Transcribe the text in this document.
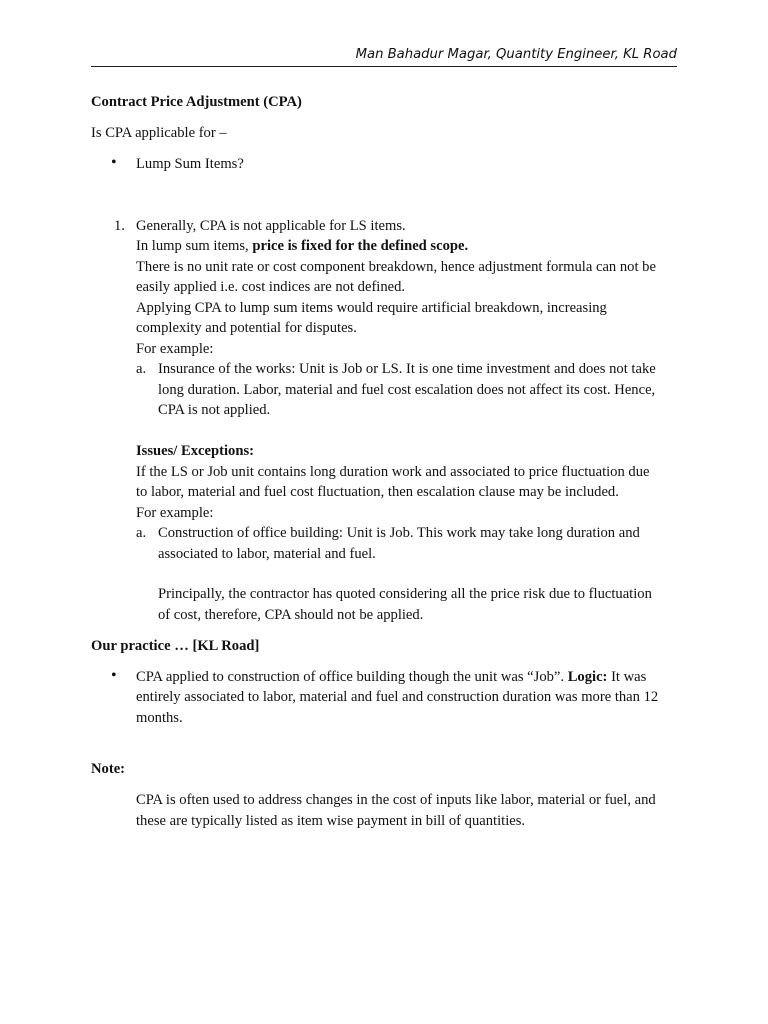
Man Bahadur Magar, Quantity Engineer, KL Road
Contract Price Adjustment (CPA)
Is CPA applicable for –
• Lump Sum Items?
1. Generally, CPA is not applicable for LS items.
In lump sum items, price is fixed for the defined scope.
There is no unit rate or cost component breakdown, hence adjustment formula can not be
easily applied i.e. cost indices are not defined.
Applying CPA to lump sum items would require artificial breakdown, increasing
complexity and potential for disputes.
For example:
a. Insurance of the works: Unit is Job or LS. It is one time investment and does not take
long duration. Labor, material and fuel cost escalation does not affect its cost. Hence,
CPA is not applied.
Issues/ Exceptions:
If the LS or Job unit contains long duration work and associated to price fluctuation due
to labor, material and fuel cost fluctuation, then escalation clause may be included.
For example:
a. Construction of office building: Unit is Job. This work may take long duration and
associated to labor, material and fuel.
Principally, the contractor has quoted considering all the price risk due to fluctuation
of cost, therefore, CPA should not be applied.
Our practice … [KL Road]
• CPA applied to construction of office building though the unit was “Job”. Logic: It was
entirely associated to labor, material and fuel and construction duration was more than 12
months.
Note:
CPA is often used to address changes in the cost of inputs like labor, material or fuel, and
these are typically listed as item wise payment in bill of quantities.
